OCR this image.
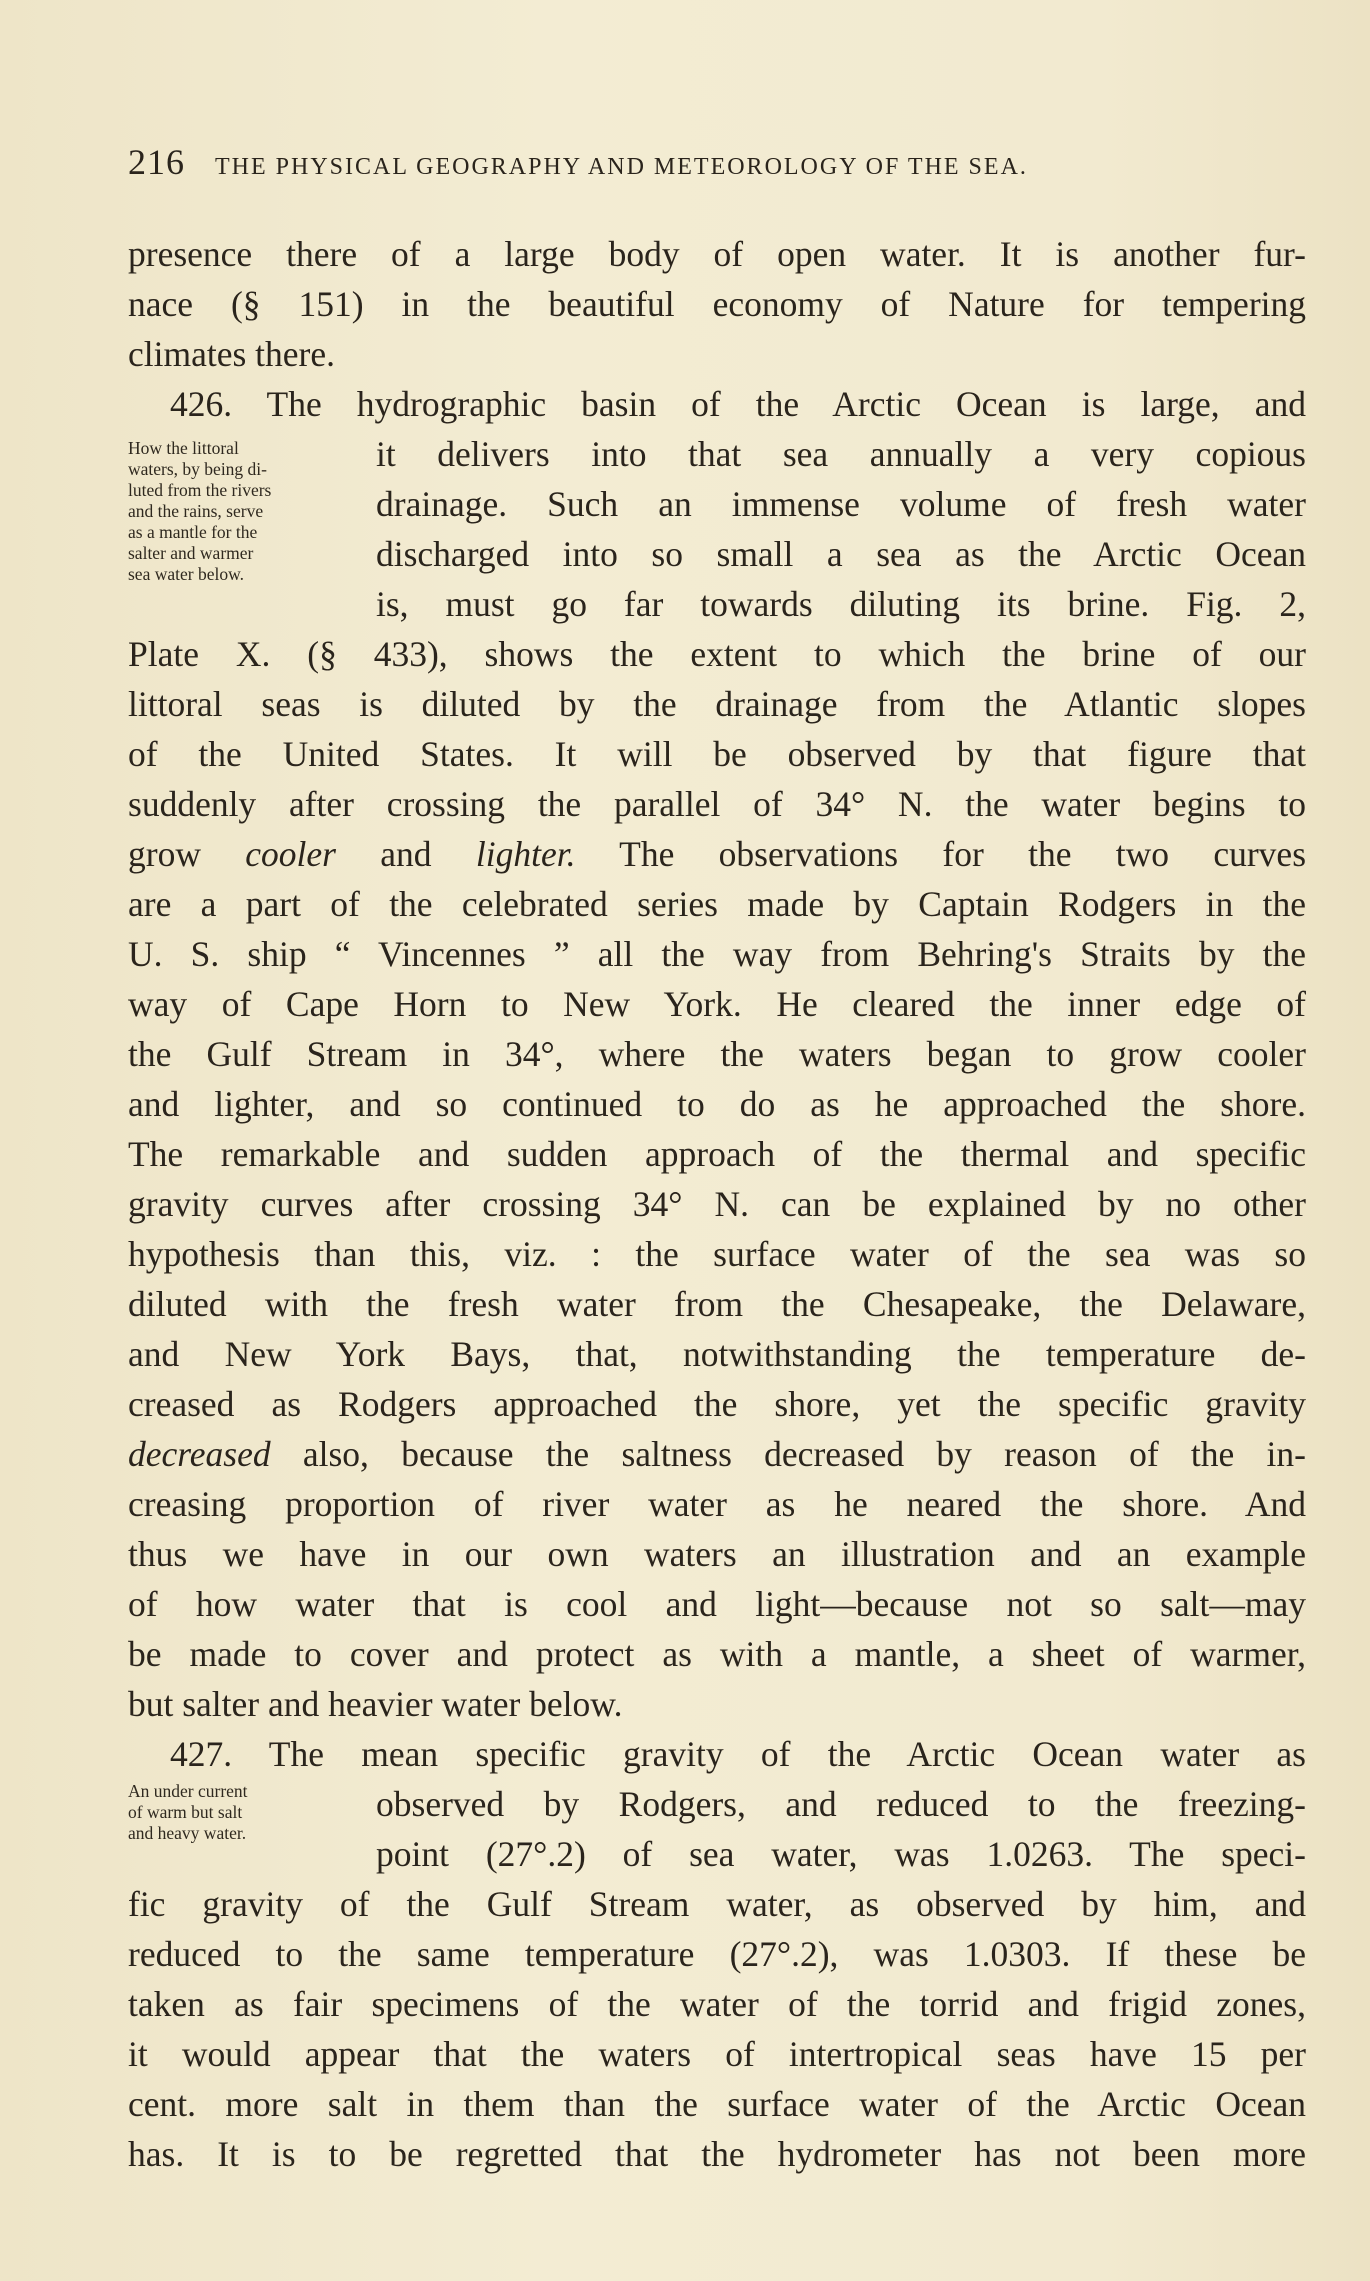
216 THE PHYSICAL GEOGRAPHY AND METEOROLOGY OF THE SEA.
presence there of a large body of open water. It is another fur-
nace (§ 151) in the beautiful economy of Nature for tempering
climates there.
426. The hydrographic basin of the Arctic Ocean is large, and
it delivers into that sea annually a very copious
drainage. Such an immense volume of fresh water
discharged into so small a sea as the Arctic Ocean
is, must go far towards diluting its brine. Fig. 2,
Plate X. (§ 433), shows the extent to which the brine of our
littoral seas is diluted by the drainage from the Atlantic slopes
of the United States. It will be observed by that figure that
suddenly after crossing the parallel of 34° N. the water begins to
grow cooler and lighter. The observations for the two curves
are a part of the celebrated series made by Captain Rodgers in the
U. S. ship “ Vincennes ” all the way from Behring's Straits by the
way of Cape Horn to New York. He cleared the inner edge of
the Gulf Stream in 34°, where the waters began to grow cooler
and lighter, and so continued to do as he approached the shore.
The remarkable and sudden approach of the thermal and specific
gravity curves after crossing 34° N. can be explained by no other
hypothesis than this, viz. : the surface water of the sea was so
diluted with the fresh water from the Chesapeake, the Delaware,
and New York Bays, that, notwithstanding the temperature de-
creased as Rodgers approached the shore, yet the specific gravity
decreased also, because the saltness decreased by reason of the in-
creasing proportion of river water as he neared the shore. And
thus we have in our own waters an illustration and an example
of how water that is cool and light—because not so salt—may
be made to cover and protect as with a mantle, a sheet of warmer,
but salter and heavier water below.
How the littoral
waters, by being di-
luted from the rivers
and the rains, serve
as a mantle for the
salter and warmer
sea water below.
427. The mean specific gravity of the Arctic Ocean water as
observed by Rodgers, and reduced to the freezing-
point (27°.2) of sea water, was 1.0263. The speci-
fic gravity of the Gulf Stream water, as observed by him, and
reduced to the same temperature (27°.2), was 1.0303. If these be
taken as fair specimens of the water of the torrid and frigid zones,
it would appear that the waters of intertropical seas have 15 per
cent. more salt in them than the surface water of the Arctic Ocean
has. It is to be regretted that the hydrometer has not been more
An under current
of warm but salt
and heavy water.
